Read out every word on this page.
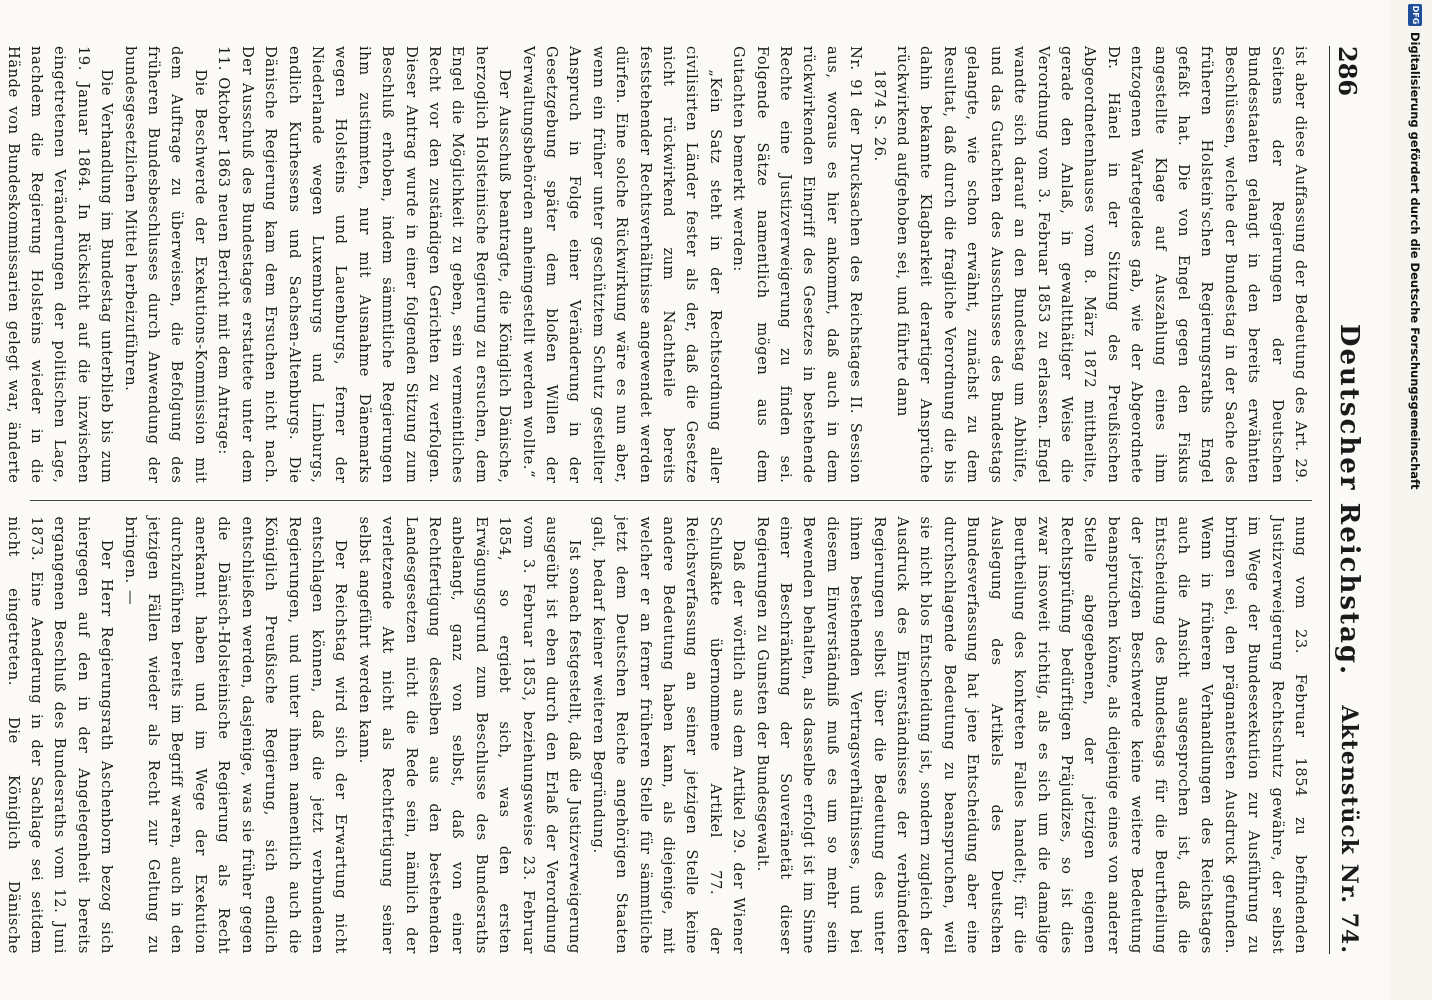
286
Deutscher Reichstag.
Aktenstück Nr. 74.

ist aber diese Auffassung der Bedeutung des Art. 29. Seitens der Regierungen der Deutschen Bundesstaaten gelangt in den bereits erwähnten Beschlüssen, welche der Bundestag in der Sache des früheren Holstein'schen Regierungsraths Engel gefaßt hat. Die von Engel gegen den Fiskus angestellte Klage auf Auszahlung eines ihm entzogenen Wartegeldes gab, wie der Abgeordnete Dr. Hänel in der Sitzung des Preußischen Abgeordnetenhauses vom 8. März 1872 mittheilte, gerade den Anlaß, in gewaltthätiger Weise die Verordnung vom 3. Februar 1853 zu erlassen. Engel wandte sich darauf an den Bundestag um Abhülfe, und das Gutachten des Ausschusses des Bundestags gelangte, wie schon erwähnt, zunächst zu dem Resultat, daß durch die fragliche Verordnung die bis dahin bekannte Klagbarkeit derartiger Ansprüche rückwirkend aufgehoben sei, und führte dann

1874 S. 26.

Nr. 91 der Drucksachen des Reichstages II. Session aus, woraus es hier ankommt, daß auch in dem rückwirkenden Eingriff des Gesetzes in bestehende Rechte eine Justizverweigerung zu finden sei. Folgende Sätze namentlich mögen aus dem Gutachten bemerkt werden:

„Kein Satz steht in der Rechtsordnung aller civilisirten Länder fester als der, daß die Gesetze nicht rückwirkend zum Nachtheile bereits feststehender Rechtsverhältnisse angewendet werden dürfen. Eine solche Rückwirkung wäre es nun aber, wenn ein früher unter geschütztem Schutz gestellter Anspruch in Folge einer Veränderung in der Gesetzgebung später dem bloßen Willen der Verwaltungsbehörden anheimgestellt werden wollte.“

Der Ausschuß beantragte, die Königlich Dänische, herzoglich Holsteinische Regierung zu ersuchen, dem Engel die Möglichkeit zu geben, sein vermeintliches Recht vor den zuständigen Gerichten zu verfolgen. Dieser Antrag wurde in einer folgenden Sitzung zum Beschluß erhoben, indem sämmtliche Regierungen ihm zustimmten, nur mit Ausnahme Dänemarks wegen Holsteins und Lauenburgs, ferner der Niederlande wegen Luxemburgs und Limburgs, endlich Kurhessens und Sachsen-Altenburgs. Die Dänische Regierung kam dem Ersuchen nicht nach. Der Ausschuß des Bundestages erstattete unter dem 11. Oktober 1863 neuen Bericht mit dem Antrage:

Die Beschwerde der Exekutions-Kommission mit dem Auftrage zu überweisen, die Befolgung des früheren Bundesbeschlusses durch Anwendung der bundesgesetzlichen Mittel herbeizuführen.

Die Verhandlung im Bundestag unterblieb bis zum 19. Januar 1864. In Rücksicht auf die inzwischen eingetretenen Veränderungen der politischen Lage, nachdem die Regierung Holsteins wieder in die Hände von Bundeskommissarien gelegt war, änderte

nung vom 23. Februar 1854 zu befindenden Justizverweigerung Rechtschutz gewähre, der selbst im Wege der Bundesexekution zur Ausführung zu bringen sei, den prägnantesten Ausdruck gefunden. Wenn in früheren Verhandlungen des Reichstages auch die Ansicht ausgesprochen ist, daß die Entscheidung des Bundestags für die Beurtheilung der jetzigen Beschwerde keine weitere Bedeutung beanspruchen könne, als diejenige eines von anderer Stelle abgegebenen, der jetzigen eigenen Rechtsprüfung bedürftigen Präjudizes, so ist dies zwar insoweit richtig, als es sich um die damalige Beurtheilung des konkreten Falles handelt; für die Auslegung des Artikels des Deutschen Bundesverfassung hat jene Entscheidung aber eine durchschlagende Bedeutung zu beanspruchen, weil sie nicht blos Entscheidung ist, sondern zugleich der Ausdruck des Einverständnisses der verbündeten Regierungen selbst über die Bedeutung des unter ihnen bestehenden Vertragsverhältnisses, und bei diesem Einverständniß muß es um so mehr sein Bewenden behalten, als dasselbe erfolgt ist im Sinne einer Beschränkung der Souveränetät dieser Regierungen zu Gunsten der Bundesgewalt.

Daß der wörtlich aus dem Artikel 29. der Wiener Schlußakte übernommene Artikel 77. der Reichsverfassung an seiner jetzigen Stelle keine andere Bedeutung haben kann, als diejenige, mit welcher er an ferner früheren Stelle für sämmtliche jetzt dem Deutschen Reiche angehörigen Staaten galt, bedarf keiner weiteren Begründung.

Ist sonach festgestellt, daß die Justizverweigerung ausgeübt ist eben durch den Erlaß der Verordnung vom 3. Februar 1853, beziehungsweise 23. Februar 1854, so ergiebt sich, was den ersten Erwägungsgrund zum Beschlusse des Bundesraths anbelangt, ganz von selbst, daß von einer Rechtfertigung desselben aus den bestehenden Landesgesetzen nicht die Rede sein, nämlich der verletzende Akt nicht als Rechtfertigung seiner selbst angeführt werden kann.

Der Reichstag wird sich der Erwartung nicht entschlagen können, daß die jetzt verbundenen Regierungen, und unter ihnen namentlich auch die Königlich Preußische Regierung, sich endlich entschließen werden, dasjenige, was sie früher gegen die Dänisch-Holsteinische Regierung als Recht anerkannt haben und im Wege der Exekution durchzuführen bereits im Begriff waren, auch in den jetzigen Fällen wieder als Recht zur Geltung zu bringen. —

Der Herr Regierungsrath Aschenborn bezog sich hiergegen auf den in der Angelegenheit bereits ergangenen Beschluß des Bundesraths vom 12. Juni 1873. Eine Aenderung in der Sachlage sei seitdem nicht eingetreten. Die Königlich Dänische

DFG
Digitalisierung gefördert durch die Deutsche Forschungsgemeinschaft
